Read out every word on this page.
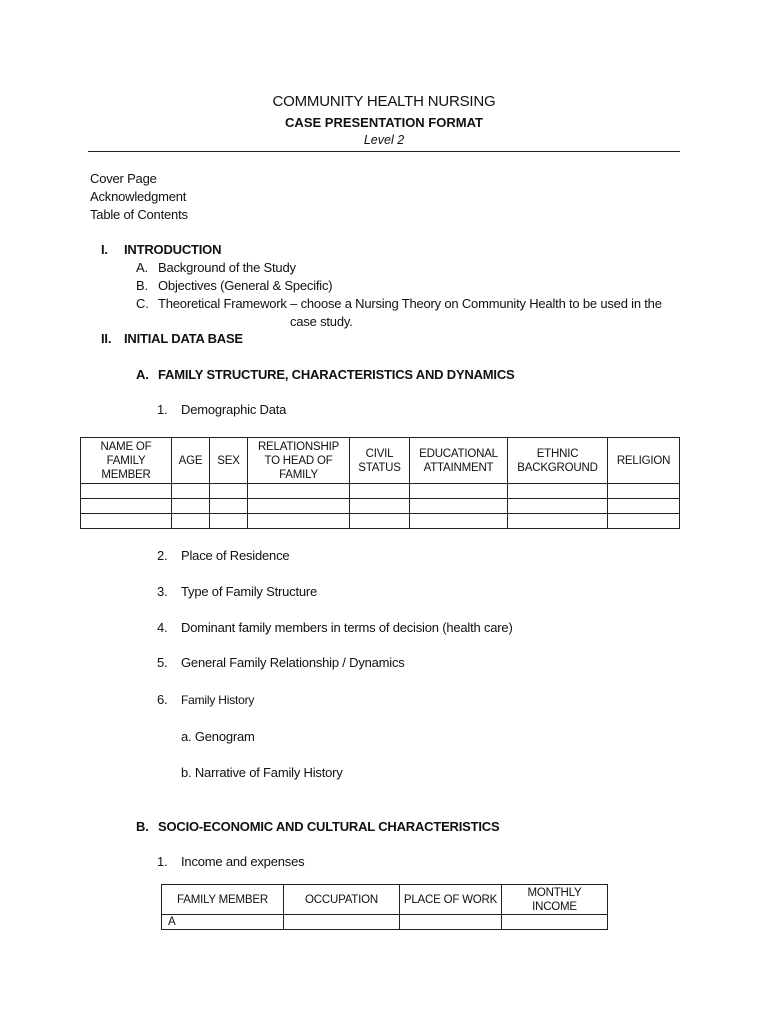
COMMUNITY HEALTH NURSING
CASE PRESENTATION FORMAT
Level 2
Cover Page
Acknowledgment
Table of Contents
I. INTRODUCTION
A. Background of the Study
B. Objectives (General & Specific)
C. Theoretical Framework – choose a Nursing Theory on Community Health to be used in the
case study.
II. INITIAL DATA BASE
A. FAMILY STRUCTURE, CHARACTERISTICS AND DYNAMICS
1. Demographic Data
NAME OF FAMILY MEMBER	AGE	SEX	RELATIONSHIP TO HEAD OF FAMILY	CIVIL STATUS	EDUCATIONAL ATTAINMENT	ETHNIC BACKGROUND	RELIGION

2. Place of Residence
3. Type of Family Structure
4. Dominant family members in terms of decision (health care)
5. General Family Relationship / Dynamics
6. Family History
a. Genogram
b. Narrative of Family History
B. SOCIO-ECONOMIC AND CULTURAL CHARACTERISTICS
1. Income and expenses
FAMILY MEMBER	OCCUPATION	PLACE OF WORK	MONTHLY INCOME
A			
